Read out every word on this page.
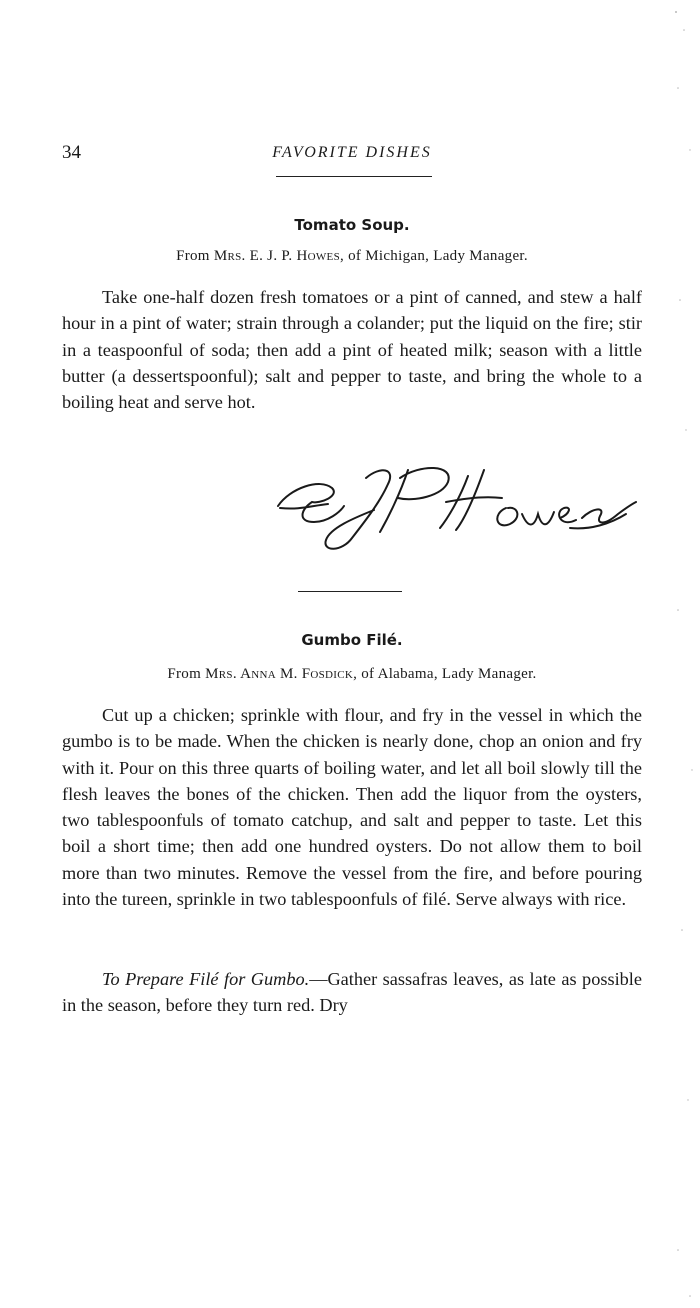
34	FAVORITE DISHES
Tomato Soup.
From Mrs. E. J. P. Howes, of Michigan, Lady Manager.

Take one-half dozen fresh tomatoes or a pint of canned, and stew a half hour in a pint of water; strain through a colander; put the liquid on the fire; stir in a teaspoonful of soda; then add a pint of heated milk; season with a little butter (a dessertspoonful); salt and pepper to taste, and bring the whole to a boiling heat and serve hot.

Gumbo Filé.
From Mrs. Anna M. Fosdick, of Alabama, Lady Manager.

Cut up a chicken; sprinkle with flour, and fry in the vessel in which the gumbo is to be made. When the chicken is nearly done, chop an onion and fry with it. Pour on this three quarts of boiling water, and let all boil slowly till the flesh leaves the bones of the chicken. Then add the liquor from the oysters, two tablespoonfuls of tomato catchup, and salt and pepper to taste. Let this boil a short time; then add one hundred oysters. Do not allow them to boil more than two minutes. Remove the vessel from the fire, and before pouring into the tureen, sprinkle in two tablespoonfuls of filé. Serve always with rice.

To Prepare Filé for Gumbo.—Gather sassafras leaves, as late as possible in the season, before they turn red. Dry
